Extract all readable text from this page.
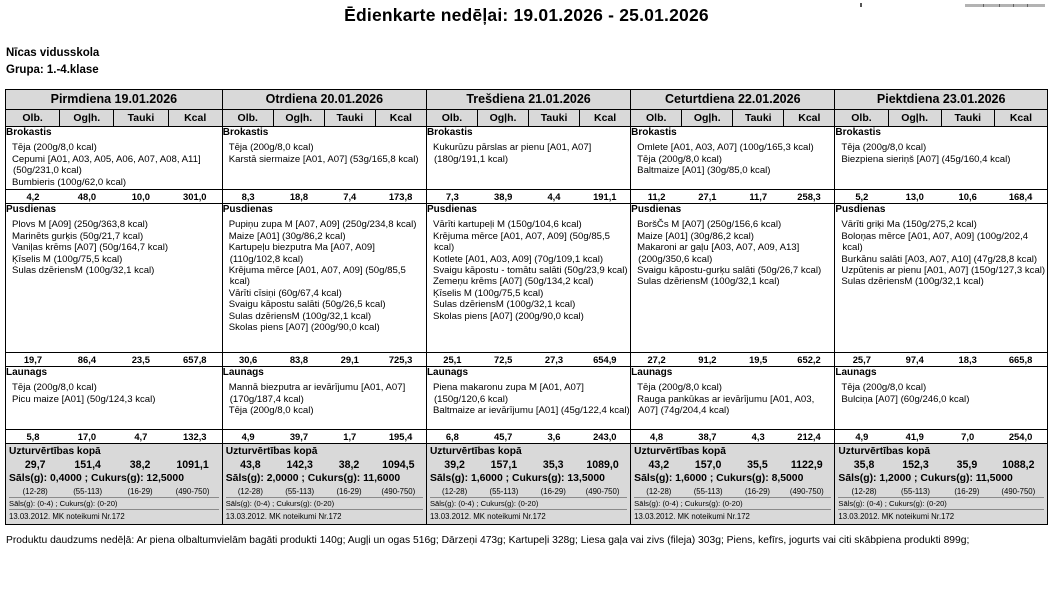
Ēdienkarte nedēļai: 19.01.2026 - 25.01.2026
Nīcas vidusskola
Grupa: 1.-4.klase
Pirmdiena 19.01.2026	Otrdiena 20.01.2026	Trešdiena 21.01.2026	Ceturtdiena 22.01.2026	Piektdiena 23.01.2026

Olb.	Ogļh.	Tauki	Kcal	Olb.	Ogļh.	Tauki	Kcal	Olb.	Ogļh.	Tauki	Kcal	Olb.	Ogļh.	Tauki	Kcal	Olb.	Ogļh.	Tauki	Kcal

Brokastis
Tēja (200g/8,0 kcal)
Cepumi [A01, A03, A05, A06, A07, A08, A11] (50g/231,0 kcal)
Bumbieris (100g/62,0 kcal)

Brokastis
Tēja (200g/8,0 kcal)
Karstā siermaize [A01, A07] (53g/165,8 kcal)

Brokastis
Kukurūzu pārslas ar pienu [A01, A07] (180g/191,1 kcal)

Brokastis
Omlete [A01, A03, A07] (100g/165,3 kcal)
Tēja (200g/8,0 kcal)
Baltmaize [A01] (30g/85,0 kcal)

Brokastis
Tēja (200g/8,0 kcal)
Biezpiena sieriņš [A07] (45g/160,4 kcal)

4,2 48,0 10,0 301,0	8,3 18,8 7,4 173,8	7,3 38,9 4,4 191,1	11,2 27,1 11,7 258,3	5,2 13,0 10,6 168,4

Pusdienas
Plovs M [A09] (250g/363,8 kcal)
Marinēts gurķis (50g/21,7 kcal)
Vaniļas krēms [A07] (50g/164,7 kcal)
Ķīselis M (100g/75,5 kcal)
Sulas dzēriensM (100g/32,1 kcal)

Pusdienas
Pupiņu zupa M [A07, A09] (250g/234,8 kcal)
Maize [A01] (30g/86,2 kcal)
Kartupeļu biezputra Ma [A07, A09] (110g/102,8 kcal)
Krējuma mērce [A01, A07, A09] (50g/85,5 kcal)
Vārīti cīsiņi (60g/67,4 kcal)
Svaigu kāpostu salāti (50g/26,5 kcal)
Sulas dzēriensM (100g/32,1 kcal)
Skolas piens [A07] (200g/90,0 kcal)

Pusdienas
Vārīti kartupeļi M (150g/104,6 kcal)
Krējuma mērce [A01, A07, A09] (50g/85,5 kcal)
Kotlete [A01, A03, A09] (70g/109,1 kcal)
Svaigu kāpostu - tomātu salāti (50g/23,9 kcal)
Zemeņu krēms [A07] (50g/134,2 kcal)
Ķīselis M (100g/75,5 kcal)
Sulas dzēriensM (100g/32,1 kcal)
Skolas piens [A07] (200g/90,0 kcal)

Pusdienas
BoršČs M [A07] (250g/156,6 kcal)
Maize [A01] (30g/86,2 kcal)
Makaroni ar gaļu [A03, A07, A09, A13] (200g/350,6 kcal)
Svaigu kāpostu-gurķu salāti (50g/26,7 kcal)
Sulas dzēriensM (100g/32,1 kcal)

Pusdienas
Vārīti griķi Ma (150g/275,2 kcal)
Boloņas mērce [A01, A07, A09] (100g/202,4 kcal)
Burkānu salāti [A03, A07, A10] (47g/28,8 kcal)
Uzpūtenis ar pienu [A01, A07] (150g/127,3 kcal)
Sulas dzēriensM (100g/32,1 kcal)

19,7 86,4 23,5 657,8	30,6 83,8 29,1 725,3	25,1 72,5 27,3 654,9	27,2 91,2 19,5 652,2	25,7 97,4 18,3 665,8

Launags
Tēja (200g/8,0 kcal)
Picu maize [A01] (50g/124,3 kcal)

Launags
Mannā biezputra ar ievārījumu [A01, A07] (170g/187,4 kcal)
Tēja (200g/8,0 kcal)

Launags
Piena makaronu zupa M [A01, A07] (150g/120,6 kcal)
Baltmaize ar ievārījumu [A01] (45g/122,4 kcal)

Launags
Tēja (200g/8,0 kcal)
Rauga pankūkas ar ievārījumu [A01, A03, A07] (74g/204,4 kcal)

Launags
Tēja (200g/8,0 kcal)
Bulciņa [A07] (60g/246,0 kcal)

5,8 17,0 4,7 132,3	4,9 39,7 1,7 195,4	6,8 45,7 3,6 243,0	4,8 38,7 4,3 212,4	4,9 41,9 7,0 254,0

Uzturvērtības kopā
29,7	151,4	38,2	1091,1
Sāls(g): 0,4000 ; Cukurs(g): 12,5000
(12-28)	(55-113)	(16-29)	(490-750)
Sāls(g): (0-4) ; Cukurs(g): (0-20)
13.03.2012. MK noteikumi Nr.172

Uzturvērtības kopā
43,8	142,3	38,2	1094,5
Sāls(g): 2,0000 ; Cukurs(g): 11,6000
(12-28)	(55-113)	(16-29)	(490-750)
Sāls(g): (0-4) ; Cukurs(g): (0-20)
13.03.2012. MK noteikumi Nr.172

Uzturvērtības kopā
39,2	157,1	35,3	1089,0
Sāls(g): 1,6000 ; Cukurs(g): 13,5000
(12-28)	(55-113)	(16-29)	(490-750)
Sāls(g): (0-4) ; Cukurs(g): (0-20)
13.03.2012. MK noteikumi Nr.172

Uzturvērtības kopā
43,2	157,0	35,5	1122,9
Sāls(g): 1,6000 ; Cukurs(g): 8,5000
(12-28)	(55-113)	(16-29)	(490-750)
Sāls(g): (0-4) ; Cukurs(g): (0-20)
13.03.2012. MK noteikumi Nr.172

Uzturvērtības kopā
35,8	152,3	35,9	1088,2
Sāls(g): 1,2000 ; Cukurs(g): 11,5000
(12-28)	(55-113)	(16-29)	(490-750)
Sāls(g): (0-4) ; Cukurs(g): (0-20)
13.03.2012. MK noteikumi Nr.172
Produktu daudzums nedēļā: Ar piena olbaltumvielām bagāti produkti 140g; Augļi un ogas 516g; Dārzeņi 473g; Kartupeļi 328g; Liesa gaļa vai zivs (fileja) 303g; Piens, kefīrs, jogurts vai citi skābpiena produkti 899g;
